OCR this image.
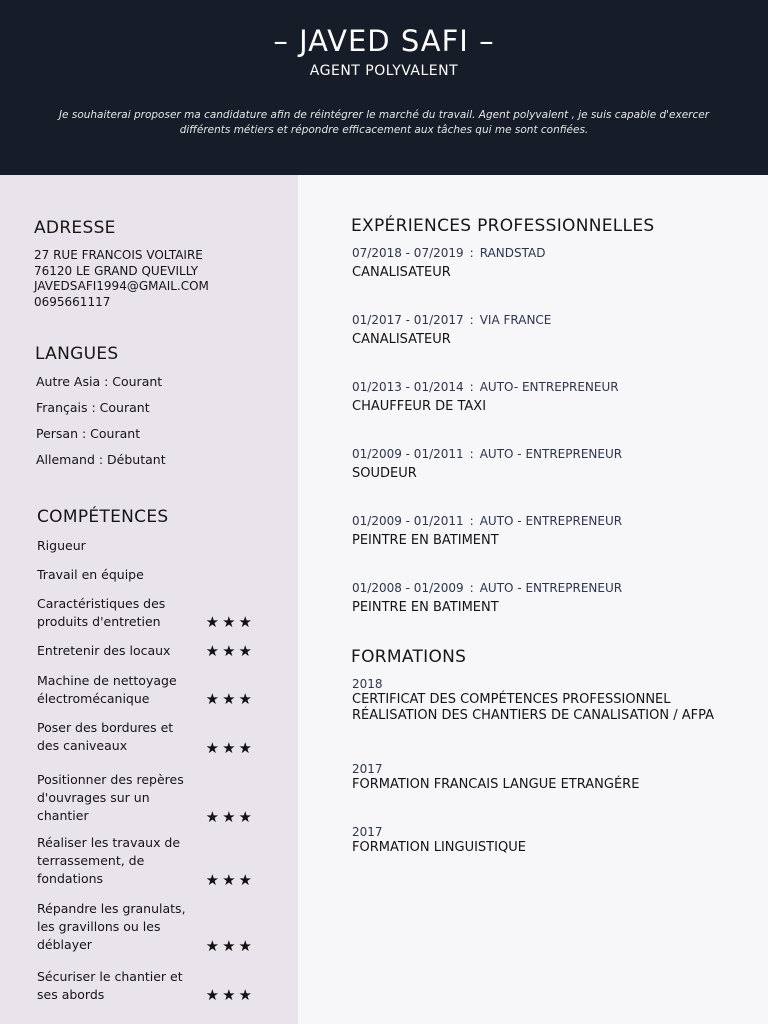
– JAVED SAFI –
AGENT POLYVALENT
Je souhaiterai proposer ma candidature afin de réintégrer le marché du travail. Agent polyvalent , je suis capable d'exercer différents métiers et répondre efficacement aux tâches qui me sont confiées.
ADRESSE
27 RUE FRANCOIS VOLTAIRE
76120 LE GRAND QUEVILLY
JAVEDSAFI1994@GMAIL.COM
0695661117
LANGUES
Autre Asia : Courant
Français : Courant
Persan : Courant
Allemand : Débutant
COMPÉTENCES
Rigueur
Travail en équipe
Caractéristiques des produits d'entretien	★★★
Entretenir des locaux ★★★
Machine de nettoyage électromécanique	★★★
Poser des bordures et des caniveaux	★★★
Positionner des repères d'ouvrages sur un chantier	★★★
Réaliser les travaux de terrassement, de fondations	★★★
Répandre les granulats, les gravillons ou les déblayer	★★★
Sécuriser le chantier et ses abords	★★★
EXPÉRIENCES PROFESSIONNELLES
07/2018 - 07/2019 : RANDSTAD
CANALISATEUR
01/2017 - 01/2017 : VIA FRANCE
CANALISATEUR
01/2013 - 01/2014 : AUTO- ENTREPRENEUR
CHAUFFEUR DE TAXI
01/2009 - 01/2011 : AUTO - ENTREPRENEUR
SOUDEUR
01/2009 - 01/2011 : AUTO - ENTREPRENEUR
PEINTRE EN BATIMENT
01/2008 - 01/2009 : AUTO - ENTREPRENEUR
PEINTRE EN BATIMENT
FORMATIONS
2018
CERTIFICAT DES COMPÉTENCES PROFESSIONNEL RÉALISATION DES CHANTIERS DE CANALISATION / AFPA
2017
FORMATION FRANCAIS LANGUE ETRANGÉRE
2017
FORMATION LINGUISTIQUE
